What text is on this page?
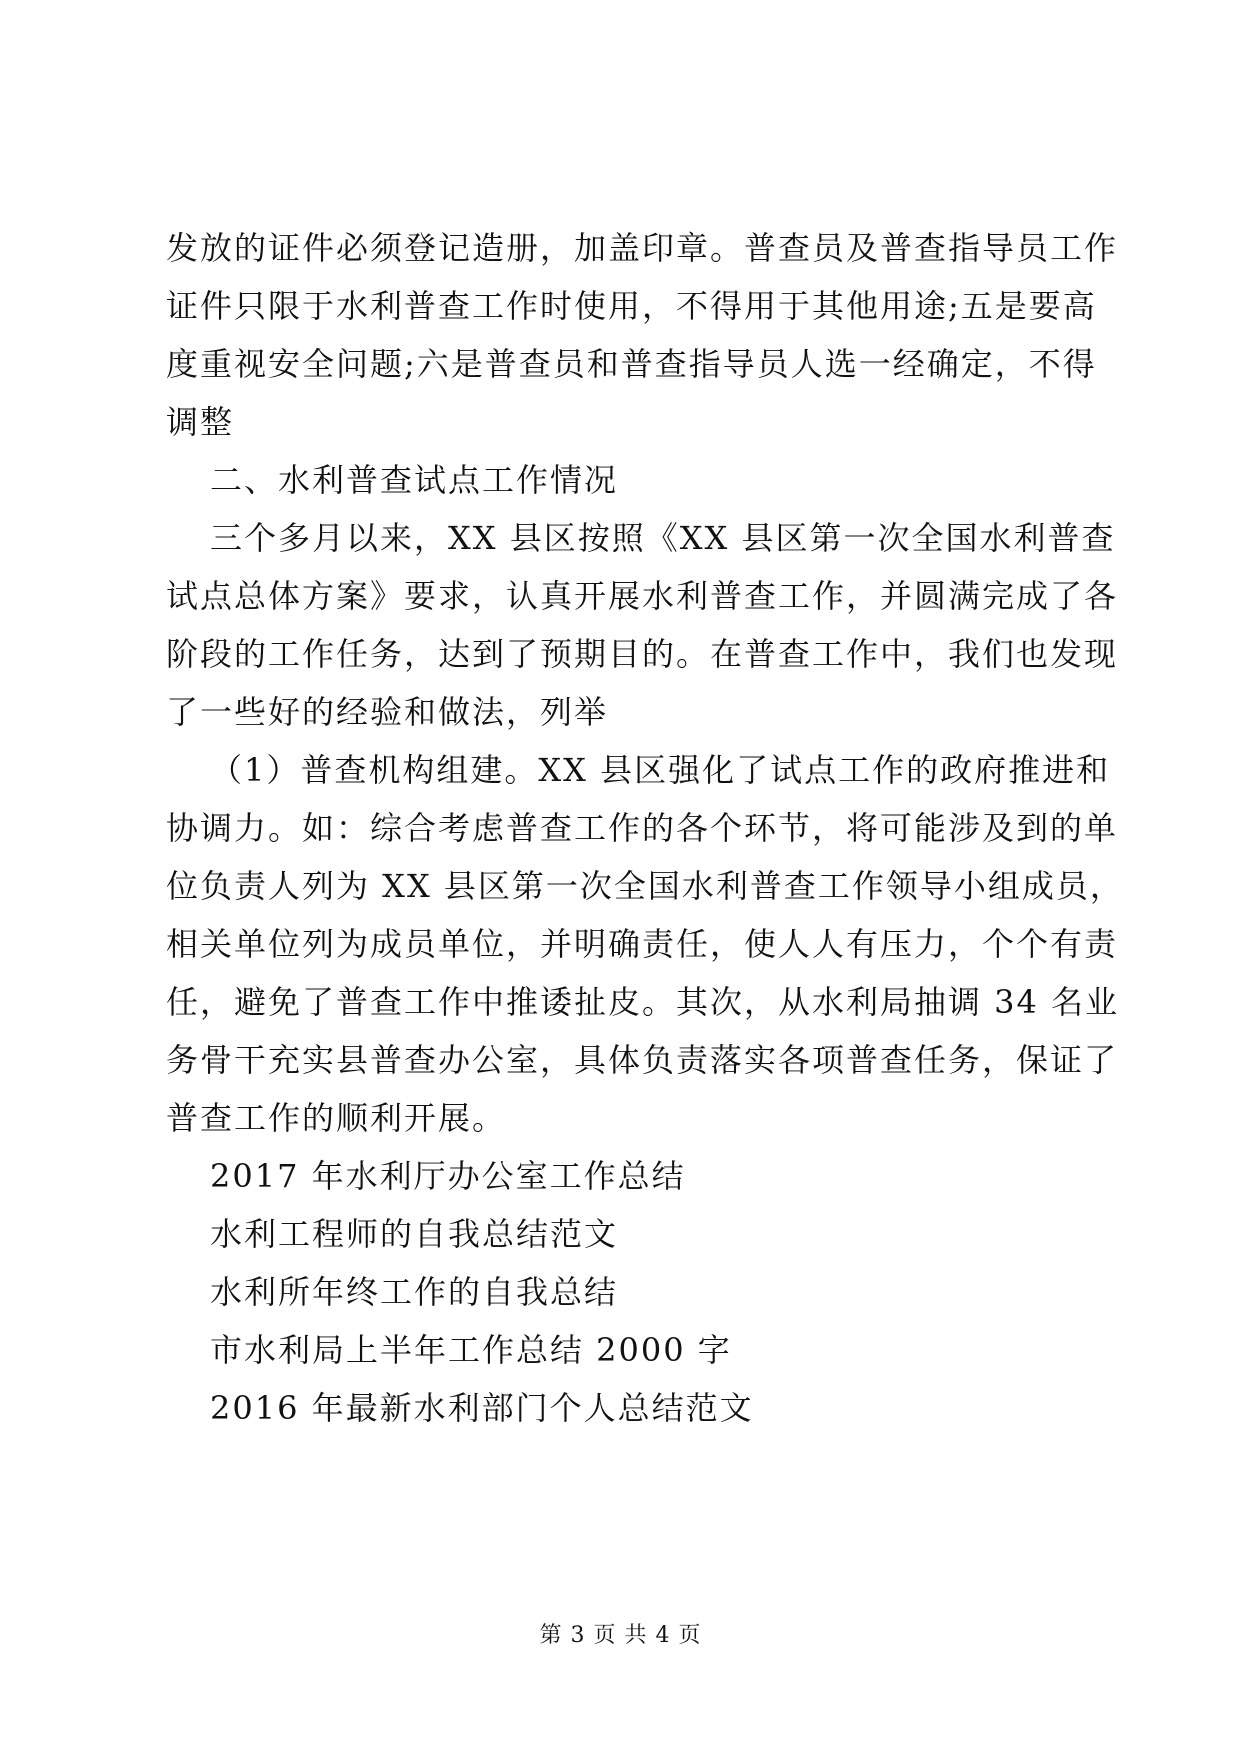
发放的证件必须登记造册，加盖印章。普查员及普查指导员工作
证件只限于水利普查工作时使用，不得用于其他用途;五是要高
度重视安全问题;六是普查员和普查指导员人选一经确定，不得
调整
二、水利普查试点工作情况
三个多月以来，XX 县区按照《XX 县区第一次全国水利普查
试点总体方案》要求，认真开展水利普查工作，并圆满完成了各
阶段的工作任务，达到了预期目的。在普查工作中，我们也发现
了一些好的经验和做法，列举
（1）普查机构组建。XX 县区强化了试点工作的政府推进和
协调力。如：综合考虑普查工作的各个环节，将可能涉及到的单
位负责人列为 XX 县区第一次全国水利普查工作领导小组成员，
相关单位列为成员单位，并明确责任，使人人有压力，个个有责
任，避免了普查工作中推诿扯皮。其次，从水利局抽调 34 名业
务骨干充实县普查办公室，具体负责落实各项普查任务，保证了
普查工作的顺利开展。
2017 年水利厅办公室工作总结
水利工程师的自我总结范文
水利所年终工作的自我总结
市水利局上半年工作总结 2000 字
2016 年最新水利部门个人总结范文
第 3 页 共 4 页
